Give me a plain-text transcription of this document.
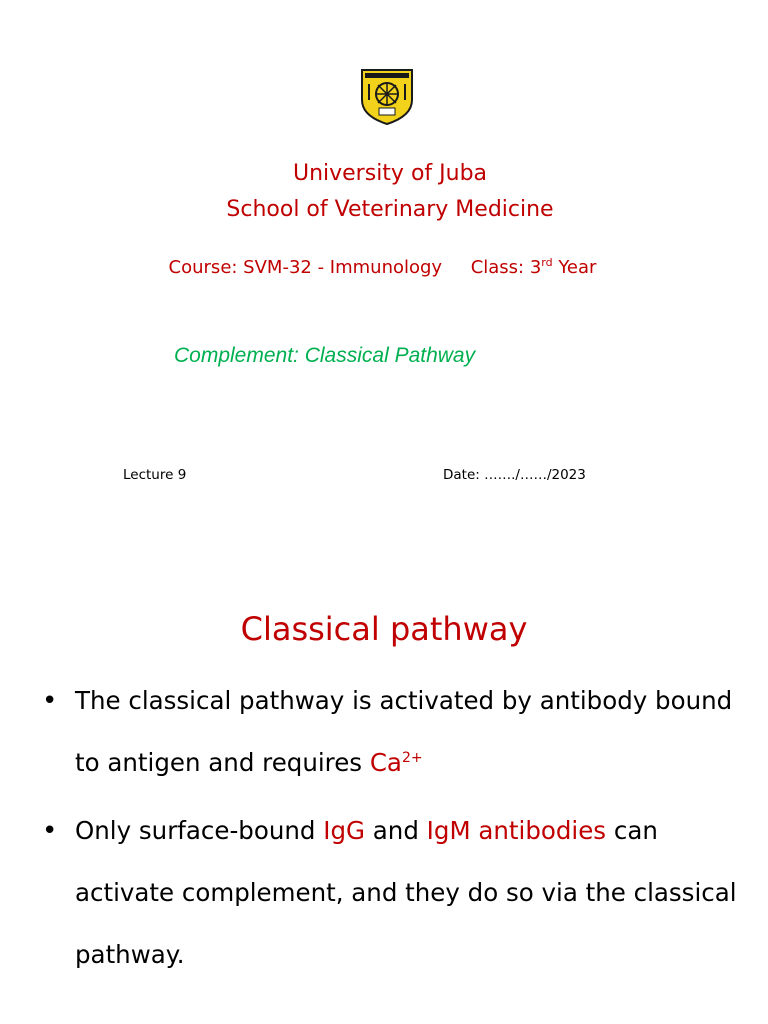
University of Juba
School of Veterinary Medicine
Course: SVM-32 - Immunology Class: 3rd Year
Complement: Classical Pathway
Lecture 9	Date: ……./……/2023
Classical pathway
• The classical pathway is activated by antibody bound to antigen and requires $Ca^{2+}$
• Only surface-bound IgG and IgM antibodies can activate complement, and they do so via the classical pathway.
